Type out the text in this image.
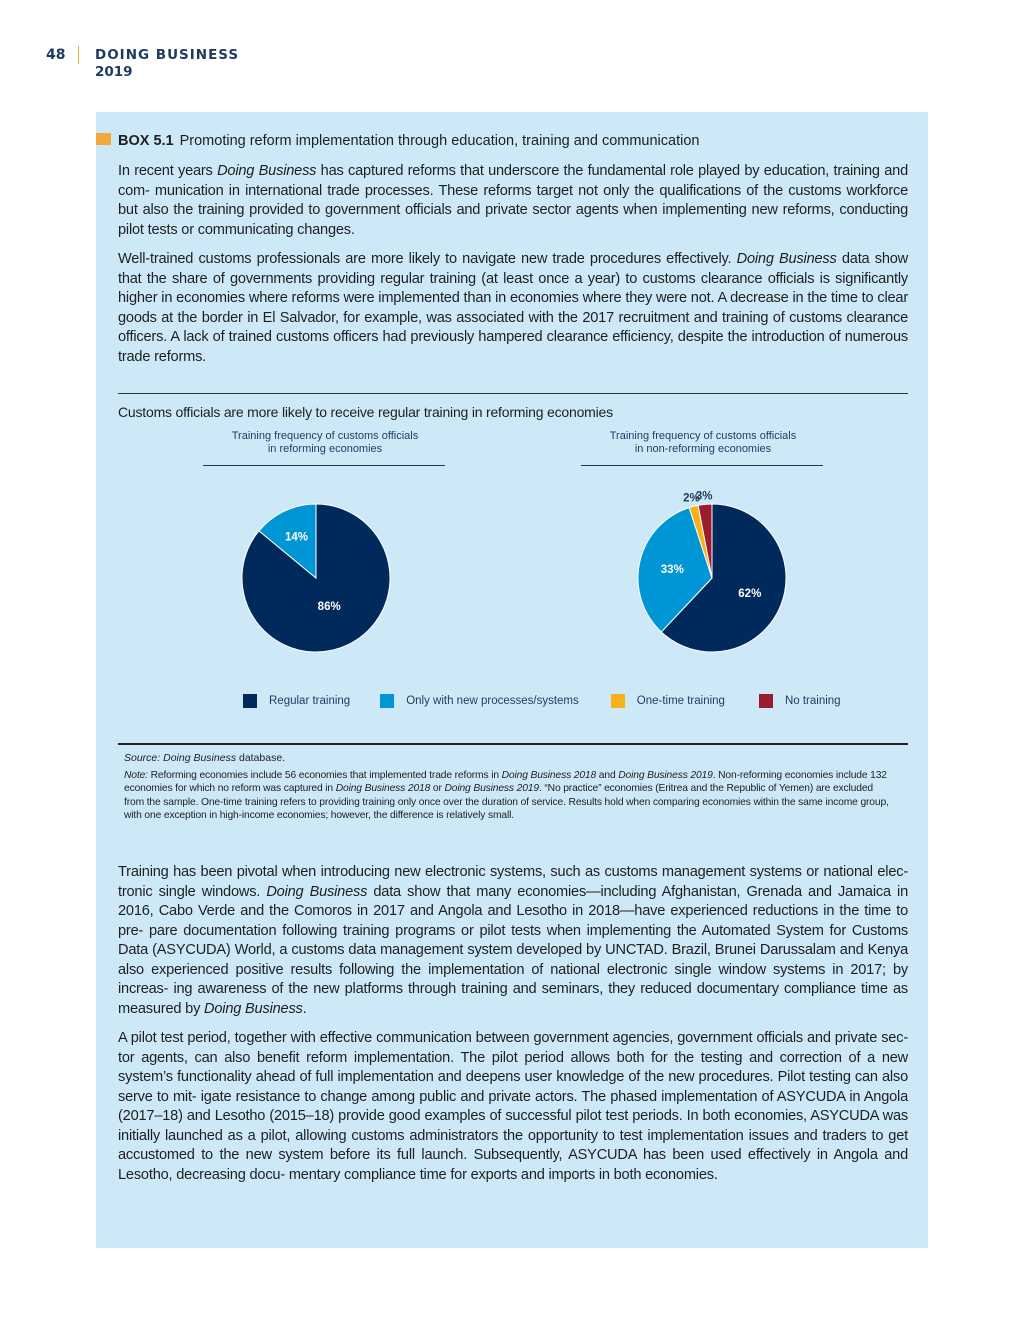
48	DOING BUSINESS
2019
BOX 5.1 Promoting reform implementation through education, training and communication

In recent years Doing Business has captured reforms that underscore the fundamental role played by education, training and com- munication in international trade processes. These reforms target not only the qualifications of the customs workforce but also the training provided to government officials and private sector agents when implementing new reforms, conducting pilot tests or communicating changes.

Well-trained customs professionals are more likely to navigate new trade procedures effectively. Doing Business data show that the share of governments providing regular training (at least once a year) to customs clearance officials is significantly higher in economies where reforms were implemented than in economies where they were not. A decrease in the time to clear goods at the border in El Salvador, for example, was associated with the 2017 recruitment and training of customs clearance officers. A lack of trained customs officers had previously hampered clearance efficiency, despite the introduction of numerous trade reforms.

Customs officials are more likely to receive regular training in reforming economies
Training frequency of customs officials
in reforming economies
Training frequency of customs officials
in non-reforming economies
86%
14%
62%
33%
2%
3%
Regular training	Only with new processes/systems	One-time training	No training
Source: Doing Business database.
Note: Reforming economies include 56 economies that implemented trade reforms in Doing Business 2018 and Doing Business 2019. Non-reforming economies include 132 economies for which no reform was captured in Doing Business 2018 or Doing Business 2019. “No practice” economies (Eritrea and the Republic of Yemen) are excluded from the sample. One-time training refers to providing training only once over the duration of service. Results hold when comparing economies within the same income group, with one exception in high-income economies; however, the difference is relatively small.

Training has been pivotal when introducing new electronic systems, such as customs management systems or national elec- tronic single windows. Doing Business data show that many economies—including Afghanistan, Grenada and Jamaica in 2016, Cabo Verde and the Comoros in 2017 and Angola and Lesotho in 2018—have experienced reductions in the time to pre- pare documentation following training programs or pilot tests when implementing the Automated System for Customs Data (ASYCUDA) World, a customs data management system developed by UNCTAD. Brazil, Brunei Darussalam and Kenya also experienced positive results following the implementation of national electronic single window systems in 2017; by increas- ing awareness of the new platforms through training and seminars, they reduced documentary compliance time as measured by Doing Business.

A pilot test period, together with effective communication between government agencies, government officials and private sec- tor agents, can also benefit reform implementation. The pilot period allows both for the testing and correction of a new system’s functionality ahead of full implementation and deepens user knowledge of the new procedures. Pilot testing can also serve to mit- igate resistance to change among public and private actors. The phased implementation of ASYCUDA in Angola (2017–18) and Lesotho (2015–18) provide good examples of successful pilot test periods. In both economies, ASYCUDA was initially launched as a pilot, allowing customs administrators the opportunity to test implementation issues and traders to get accustomed to the new system before its full launch. Subsequently, ASYCUDA has been used effectively in Angola and Lesotho, decreasing docu- mentary compliance time for exports and imports in both economies.
